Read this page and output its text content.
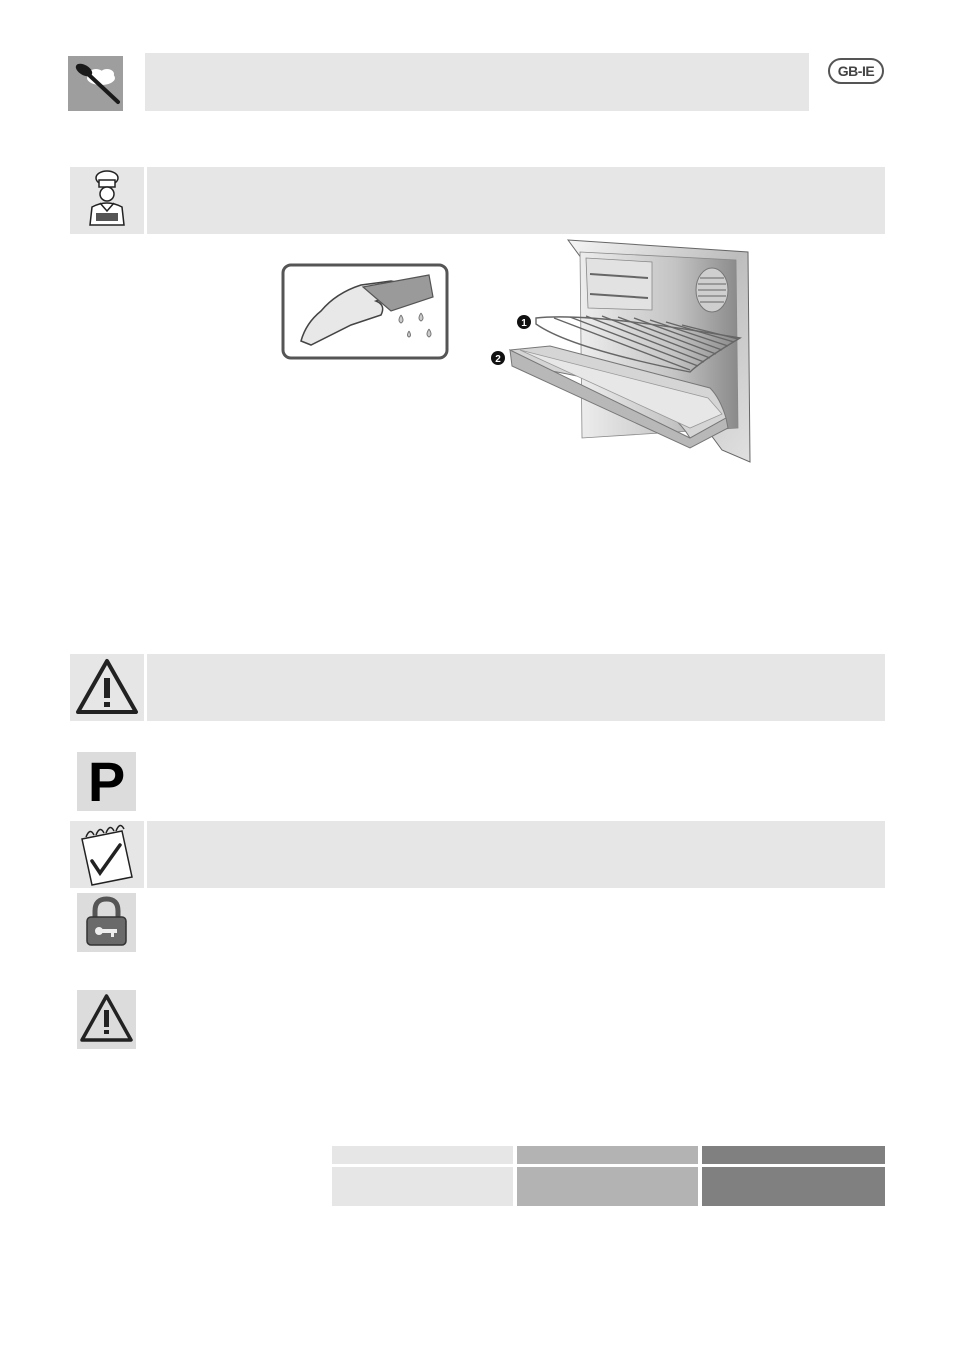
GB-IE
1
2
P
